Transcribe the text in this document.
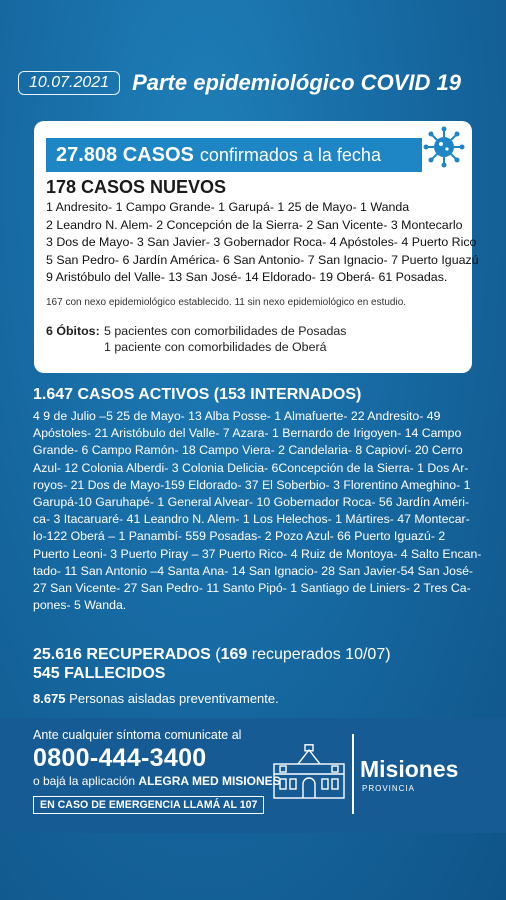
10.07.2021	Parte epidemiológico COVID 19
27.808 CASOS confirmados a la fecha
178 CASOS NUEVOS
1 Andresito- 1 Campo Grande- 1 Garupá- 1 25 de Mayo- 1 Wanda
2 Leandro N. Alem- 2 Concepción de la Sierra- 2 San Vicente- 3 Montecarlo
3 Dos de Mayo- 3 San Javier- 3 Gobernador Roca- 4 Apóstoles- 4 Puerto Rico
5 San Pedro- 6 Jardín América- 6 San Antonio- 7 San Ignacio- 7 Puerto Iguazú
9 Aristóbulo del Valle- 13 San José- 14 Eldorado- 19 Oberá- 61 Posadas.
167 con nexo epidemiológico establecido. 11 sin nexo epidemiológico en estudio.
6 Óbitos: 5 pacientes con comorbilidades de Posadas
1 paciente con comorbilidades de Oberá
1.647 CASOS ACTIVOS (153 INTERNADOS)
4 9 de Julio –5 25 de Mayo- 13 Alba Posse- 1 Almafuerte- 22 Andresito- 49
Apóstoles- 21 Aristóbulo del Valle- 7 Azara- 1 Bernardo de Irigoyen- 14 Campo
Grande- 6 Campo Ramón- 18 Campo Viera- 2 Candelaria- 8 Capioví- 20 Cerro
Azul- 12 Colonia Alberdi- 3 Colonia Delicia- 6Concepción de la Sierra- 1 Dos Ar-
royos- 21 Dos de Mayo-159 Eldorado- 37 El Soberbio- 3 Florentino Ameghino- 1
Garupá-10 Garuhapé- 1 General Alvear- 10 Gobernador Roca- 56 Jardín Améri-
ca- 3 Itacaruaré- 41 Leandro N. Alem- 1 Los Helechos- 1 Mártires- 47 Montecar-
lo-122 Oberá – 1 Panambí- 559 Posadas- 2 Pozo Azul- 66 Puerto Iguazú- 2
Puerto Leoni- 3 Puerto Piray – 37 Puerto Rico- 4 Ruiz de Montoya- 4 Salto Encan-
tado- 11 San Antonio –4 Santa Ana- 14 San Ignacio- 28 San Javier-54 San José-
27 San Vicente- 27 San Pedro- 11 Santo Pipó- 1 Santiago de Liniers- 2 Tres Ca-
pones- 5 Wanda.
25.616 RECUPERADOS (169 recuperados 10/07)
545 FALLECIDOS
8.675 Personas aisladas preventivamente.
Ante cualquier síntoma comunicate al
0800-444-3400
o bajá la aplicación ALEGRA MED MISIONES
EN CASO DE EMERGENCIA LLAMÁ AL 107
Misiones
PROVINCIA
